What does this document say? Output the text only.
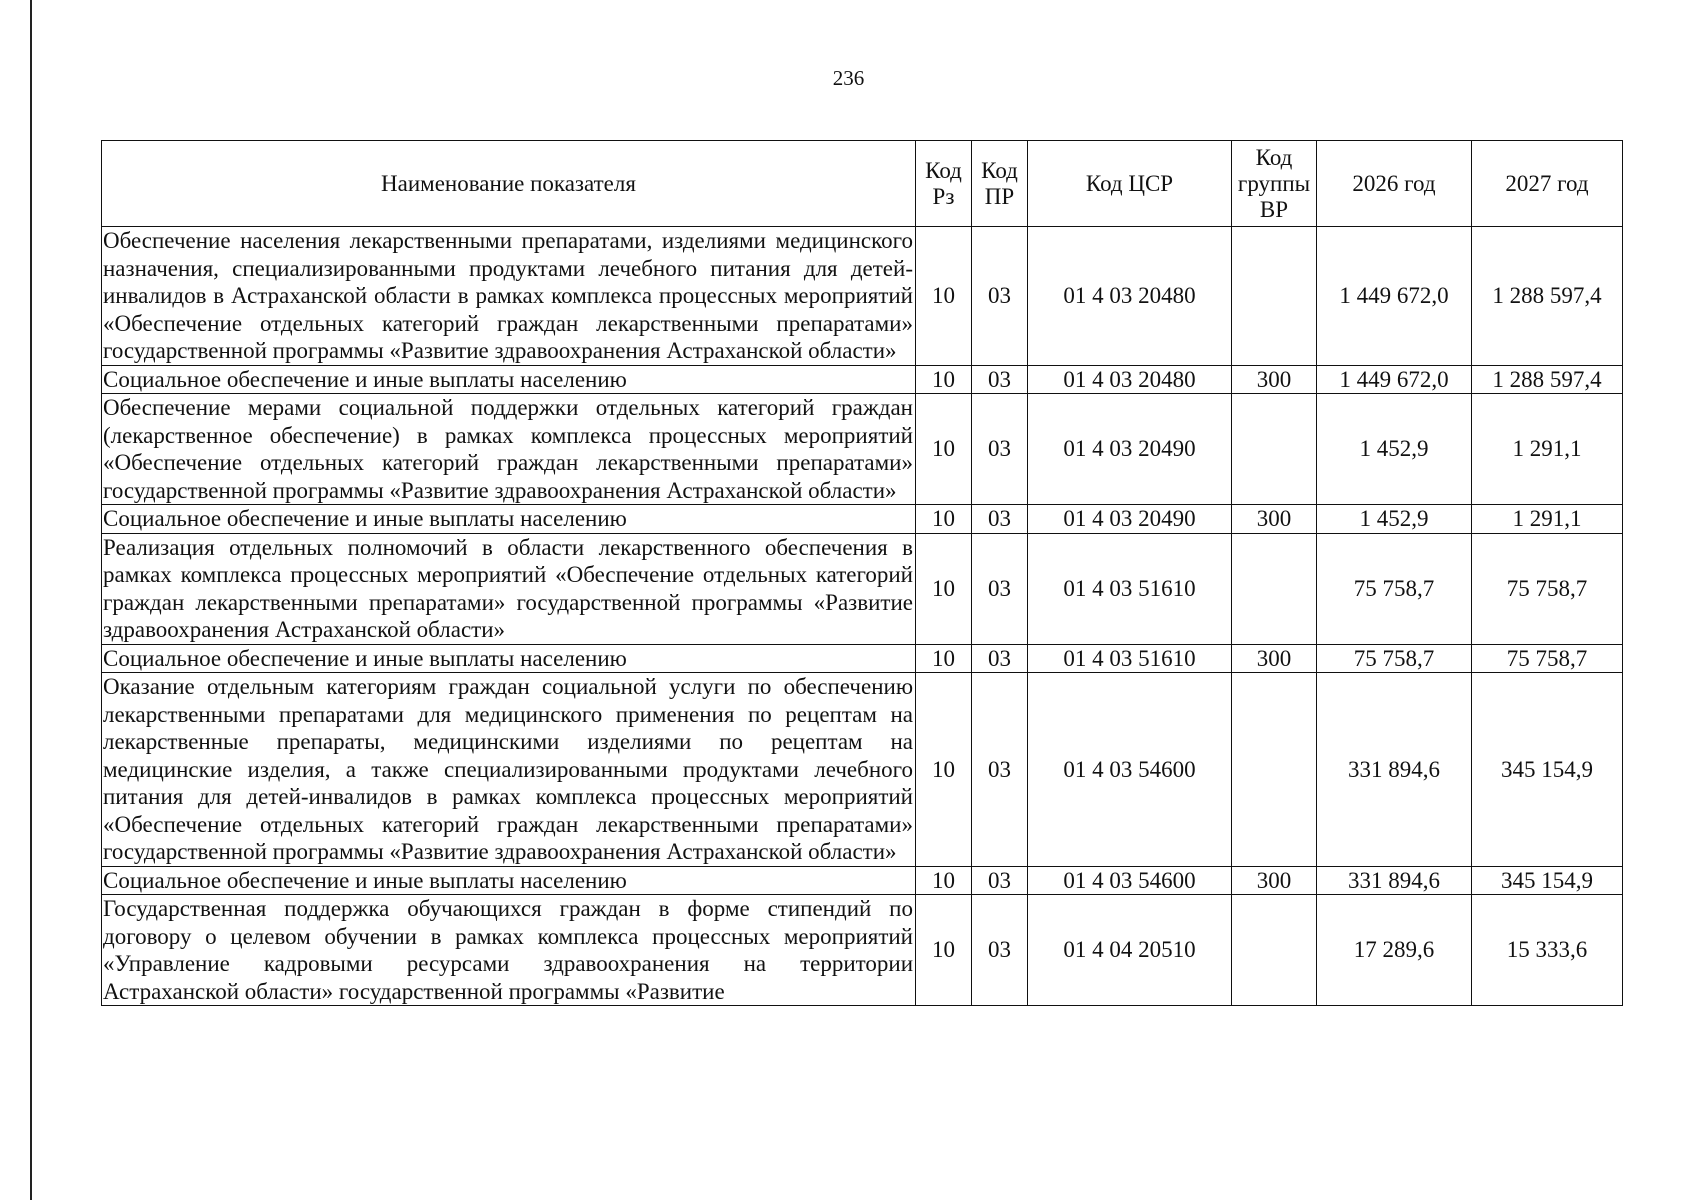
236
Наименование показателя	Код Рз	Код ПР	Код ЦСР	Код группы ВР	2026 год	2027 год
Обеспечение населения лекарственными препаратами, изделиями медицинского назначения, специализированными продуктами лечебного питания для детей-инвалидов в Астраханской области в рамках комплекса процессных мероприятий «Обеспечение отдельных категорий граждан лекарственными препаратами» государственной программы «Развитие здравоохранения Астраханской области»	10	03	01 4 03 20480		1 449 672,0	1 288 597,4
Социальное обеспечение и иные выплаты населению	10	03	01 4 03 20480	300	1 449 672,0	1 288 597,4
Обеспечение мерами социальной поддержки отдельных категорий граждан (лекарственное обеспечение) в рамках комплекса процессных мероприятий «Обеспечение отдельных категорий граждан лекарственными препаратами» государственной программы «Развитие здравоохранения Астраханской области»	10	03	01 4 03 20490		1 452,9	1 291,1
Социальное обеспечение и иные выплаты населению	10	03	01 4 03 20490	300	1 452,9	1 291,1
Реализация отдельных полномочий в области лекарственного обеспечения в рамках комплекса процессных мероприятий «Обеспечение отдельных категорий граждан лекарственными препаратами» государственной программы «Развитие здравоохранения Астраханской области»	10	03	01 4 03 51610		75 758,7	75 758,7
Социальное обеспечение и иные выплаты населению	10	03	01 4 03 51610	300	75 758,7	75 758,7
Оказание отдельным категориям граждан социальной услуги по обеспечению лекарственными препаратами для медицинского применения по рецептам на лекарственные препараты, медицинскими изделиями по рецептам на медицинские изделия, а также специализированными продуктами лечебного питания для детей-инвалидов в рамках комплекса процессных мероприятий «Обеспечение отдельных категорий граждан лекарственными препаратами» государственной программы «Развитие здравоохранения Астраханской области»	10	03	01 4 03 54600		331 894,6	345 154,9
Социальное обеспечение и иные выплаты населению	10	03	01 4 03 54600	300	331 894,6	345 154,9

Государственная поддержка обучающихся граждан в форме стипендий по договору о целевом обучении в рамках комплекса процессных мероприятий «Управление кадровыми ресурсами здравоохранения на территории Астраханской области» государственной программы «Развитие	10	03	01 4 04 20510		17 289,6	15 333,6
